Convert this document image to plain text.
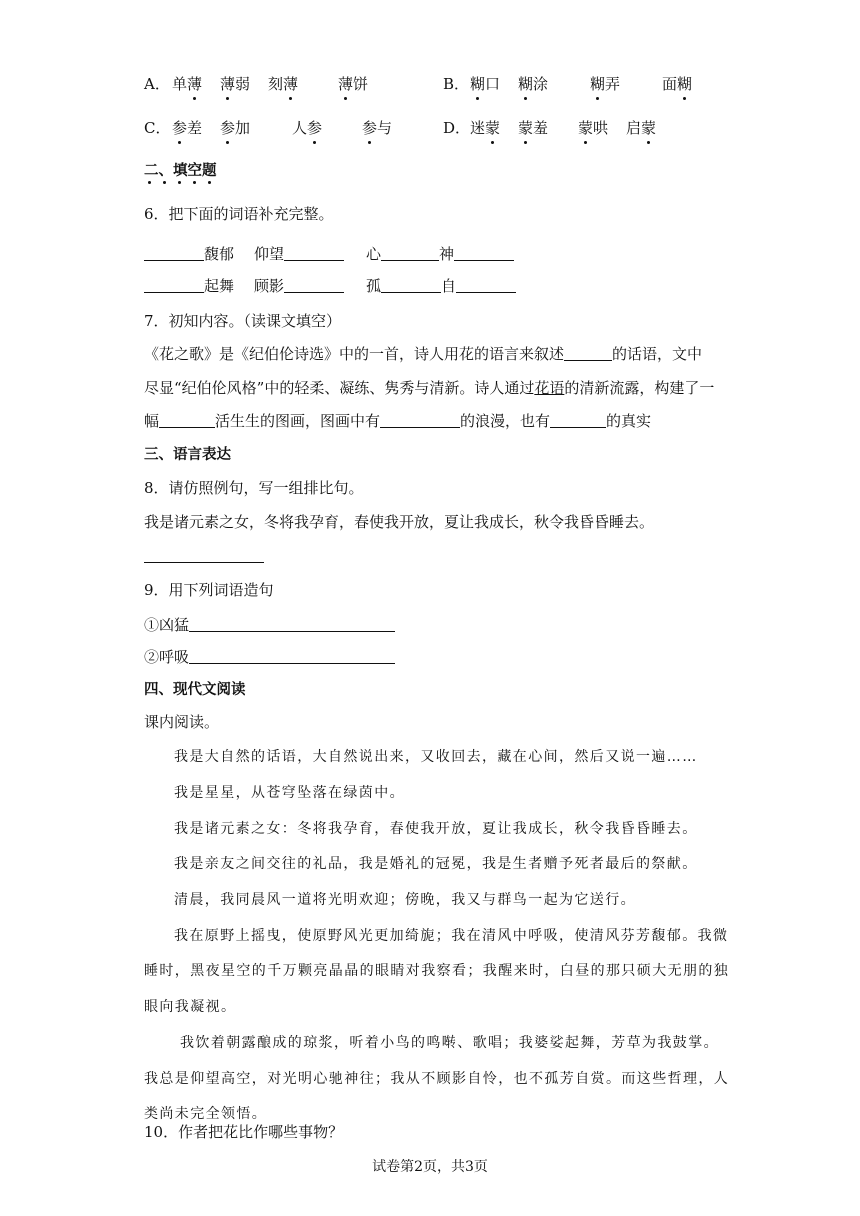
A． 单薄 薄弱 刻薄	薄饼	B． 糊口 糊涂	糊弄	面糊
C． 参差 参加	人参	参与	D． 迷蒙 蒙羞 蒙哄 启蒙
二、填空题
6．把下面的词语补充完整。
馥郁 仰望	心	神
起舞 顾影	孤	自
7．初知内容。（读课文填空）
《花之歌》是《纪伯伦诗选》中的一首，诗人用花的语言来叙述	的话语，文中
尽显“纪伯伦风格”中的轻柔、凝练、隽秀与清新。诗人通过花语的清新流露，构建了一
幅	活生生的图画，图画中有	的浪漫，也有	的真实
三、语言表达
8．请仿照例句，写一组排比句。
我是诸元素之女，冬将我孕育，春使我开放，夏让我成长，秋令我昏昏睡去。
9．用下列词语造句
①凶猛
②呼吸
四、现代文阅读
课内阅读。
我是大自然的话语，大自然说出来，又收回去，藏在心间，然后又说一遍……
我是星星，从苍穹坠落在绿茵中。
我是诸元素之女：冬将我孕育，春使我开放，夏让我成长，秋令我昏昏睡去。
我是亲友之间交往的礼品，我是婚礼的冠冕，我是生者赠予死者最后的祭献。
清晨，我同晨风一道将光明欢迎；傍晚，我又与群鸟一起为它送行。
我在原野上摇曳，使原野风光更加绮旎；我在清风中呼吸，使清风芬芳馥郁。我微
睡时，黑夜星空的千万颗亮晶晶的眼睛对我察看；我醒来时，白昼的那只硕大无朋的独
眼向我凝视。
我饮着朝露酿成的琼浆，听着小鸟的鸣啭、歌唱；我婆娑起舞，芳草为我鼓掌。
我总是仰望高空，对光明心驰神往；我从不顾影自怜，也不孤芳自赏。而这些哲理，人
类尚未完全领悟。
10．作者把花比作哪些事物？
试卷第2页，共3页
